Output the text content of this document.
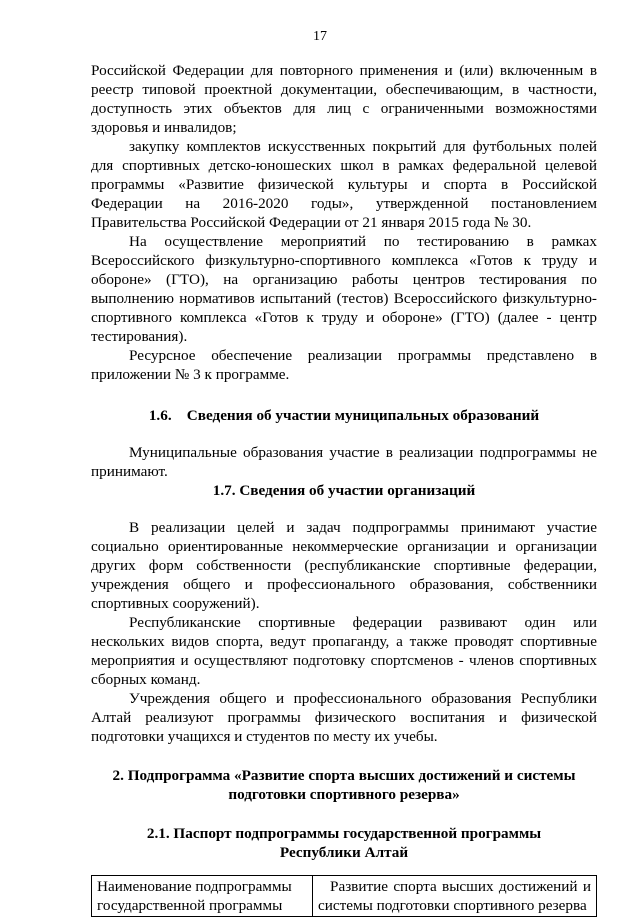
17

Российской Федерации для повторного применения и (или) включенным в реестр типовой проектной документации, обеспечивающим, в частности, доступность этих объектов для лиц с ограниченными возможностями здоровья и инвалидов;

закупку комплектов искусственных покрытий для футбольных полей для спортивных детско-юношеских школ в рамках федеральной целевой программы «Развитие физической культуры и спорта в Российской Федерации на 2016-2020 годы», утвержденной постановлением Правительства Российской Федерации от 21 января 2015 года № 30.

На осуществление мероприятий по тестированию в рамках Всероссийского физкультурно-спортивного комплекса «Готов к труду и обороне» (ГТО), на организацию работы центров тестирования по выполнению нормативов испытаний (тестов) Всероссийского физкультурно-спортивного комплекса «Готов к труду и обороне» (ГТО) (далее - центр тестирования).

Ресурсное обеспечение реализации программы представлено в приложении № 3 к программе.

1.6.    Сведения об участии муниципальных образований

Муниципальные образования участие в реализации подпрограммы не принимают.

1.7. Сведения об участии организаций

В реализации целей и задач подпрограммы принимают участие социально ориентированные некоммерческие организации и организации других форм собственности (республиканские спортивные федерации, учреждения общего и профессионального образования, собственники спортивных сооружений).

Республиканские спортивные федерации развивают один или нескольких видов спорта, ведут пропаганду, а также проводят спортивные мероприятия и осуществляют подготовку спортсменов - членов спортивных сборных команд.

Учреждения общего и профессионального образования Республики Алтай реализуют программы физического воспитания и физической подготовки учащихся и студентов по месту их учебы.

2. Подпрограмма «Развитие спорта высших достижений и системы

подготовки спортивного резерва»

2.1. Паспорт подпрограммы государственной программы

Республики Алтай

Наименование подпрограммы государственной программы	Развитие спорта высших достижений и системы подготовки спортивного резерва
